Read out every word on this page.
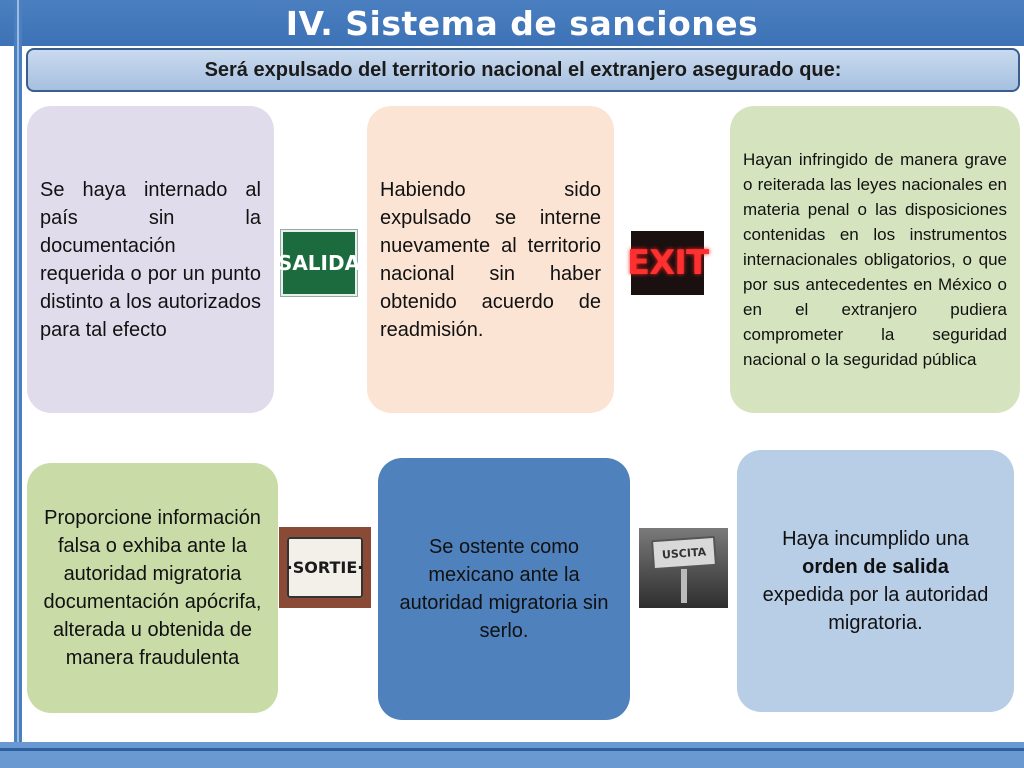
IV. Sistema de sanciones
Será expulsado del territorio nacional el extranjero asegurado que:
Se haya internado al país sin la documentación requerida o por un punto distinto a los autorizados para tal efecto
SALIDA
Habiendo sido expulsado se interne nuevamente al territorio nacional sin haber obtenido acuerdo de readmisión.
EXIT
Hayan infringido de manera grave o reiterada las leyes nacionales en materia penal o las disposiciones contenidas en los instrumentos internacionales obligatorios, o que por sus antecedentes en México o en el extranjero pudiera comprometer la seguridad nacional o la seguridad pública
Proporcione información falsa o exhiba ante la autoridad migratoria documentación apócrifa, alterada u obtenida de manera fraudulenta
·SORTIE·
Se ostente como mexicano ante la autoridad migratoria sin serlo.
USCITA
Haya incumplido una
orden de salida
expedida por la autoridad migratoria.
